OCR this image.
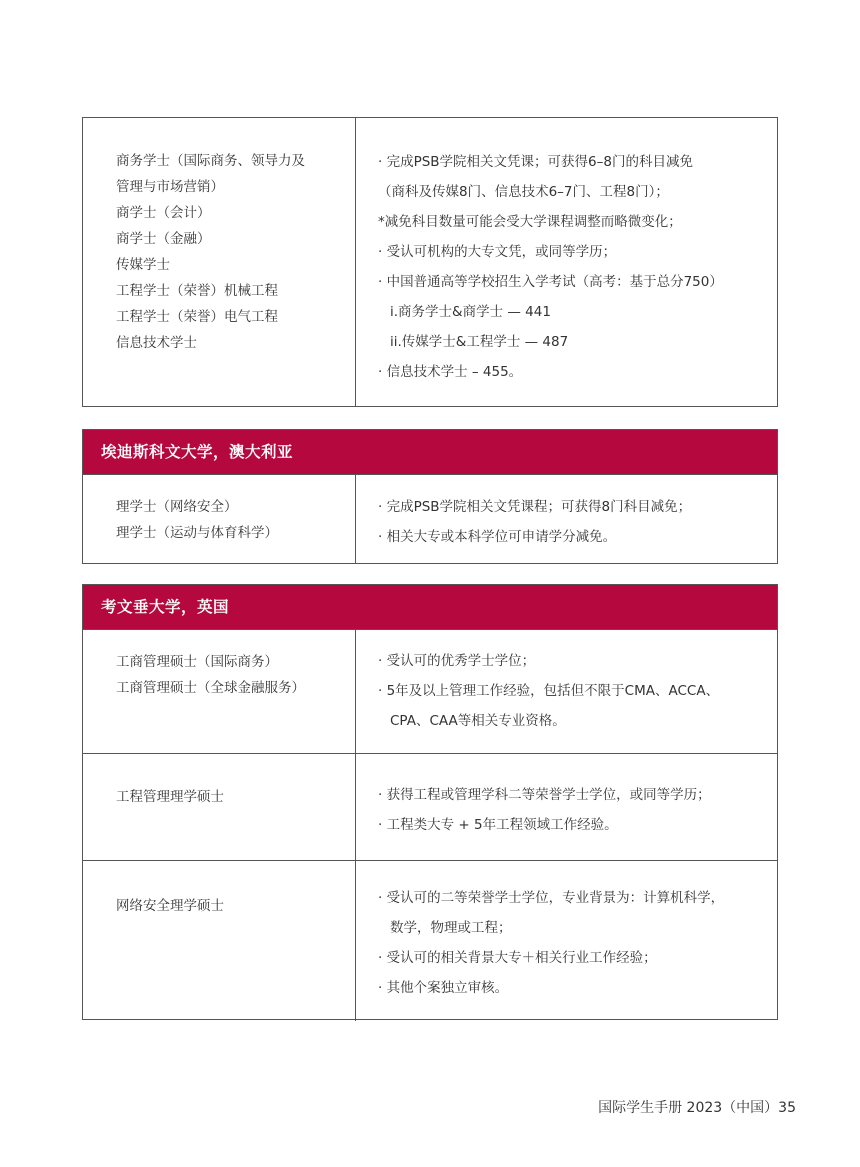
商务学士（国际商务、领导力及
管理与市场营销）
商学士（会计）
商学士（金融）
传媒学士
工程学士（荣誉）机械工程
工程学士（荣誉）电气工程
信息技术学士
· 完成PSB学院相关文凭课；可获得6–8门的科目减免
（商科及传媒8门、信息技术6–7门、工程8门）；
*减免科目数量可能会受大学课程调整而略微变化；
· 受认可机构的大专文凭，或同等学历；
· 中国普通高等学校招生入学考试（高考：基于总分750）
i.商务学士&商学士 — 441
ii.传媒学士&工程学士 — 487
· 信息技术学士 – 455。
埃迪斯科文大学，澳大利亚
理学士（网络安全）
理学士（运动与体育科学）
· 完成PSB学院相关文凭课程；可获得8门科目减免；
· 相关大专或本科学位可申请学分减免。
考文垂大学，英国
工商管理硕士（国际商务）
工商管理硕士（全球金融服务）
· 受认可的优秀学士学位；
· 5年及以上管理工作经验，包括但不限于CMA、ACCA、
CPA、CAA等相关专业资格。
工程管理理学硕士	· 获得工程或管理学科二等荣誉学士学位，或同等学历；
· 工程类大专 + 5年工程领域工作经验。
网络安全理学硕士	· 受认可的二等荣誉学士学位，专业背景为：计算机科学，
数学，物理或工程；
· 受认可的相关背景大专＋相关行业工作经验；
· 其他个案独立审核。
国际学生手册 2023（中国）35
